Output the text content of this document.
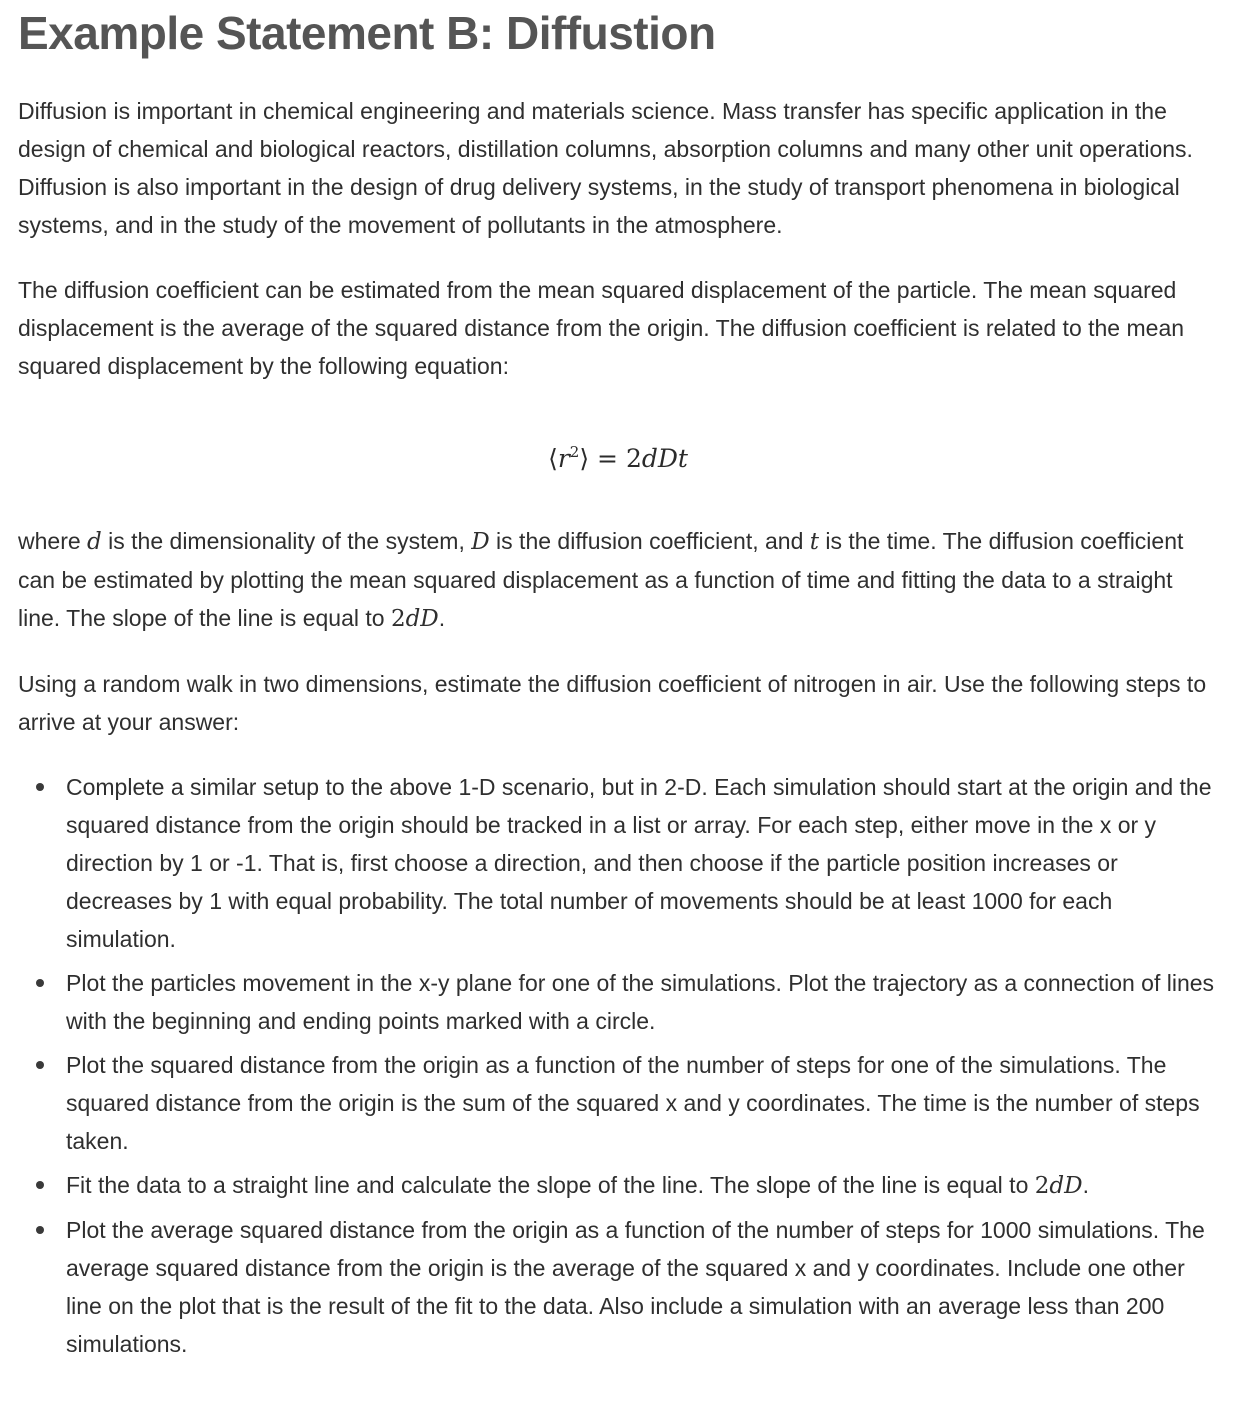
Example Statement B: Diffustion

Diffusion is important in chemical engineering and materials science. Mass transfer has specific application in the design of chemical and biological reactors, distillation columns, absorption columns and many other unit operations. Diffusion is also important in the design of drug delivery systems, in the study of transport phenomena in biological systems, and in the study of the movement of pollutants in the atmosphere.

The diffusion coefficient can be estimated from the mean squared displacement of the particle. The mean squared displacement is the average of the squared distance from the origin. The diffusion coefficient is related to the mean squared displacement by the following equation:

$⟨r^2⟩ = 2dDt$

where d is the dimensionality of the system, D is the diffusion coefficient, and t is the time. The diffusion coefficient can be estimated by plotting the mean squared displacement as a function of time and fitting the data to a straight line. The slope of the line is equal to 2dD.

Using a random walk in two dimensions, estimate the diffusion coefficient of nitrogen in air. Use the following steps to arrive at your answer:

Complete a similar setup to the above 1-D scenario, but in 2-D. Each simulation should start at the origin and the squared distance from the origin should be tracked in a list or array. For each step, either move in the x or y direction by 1 or -1. That is, first choose a direction, and then choose if the particle position increases or decreases by 1 with equal probability. The total number of movements should be at least 1000 for each simulation.
Plot the particles movement in the x-y plane for one of the simulations. Plot the trajectory as a connection of lines with the beginning and ending points marked with a circle.
Plot the squared distance from the origin as a function of the number of steps for one of the simulations. The squared distance from the origin is the sum of the squared x and y coordinates. The time is the number of steps taken.
Fit the data to a straight line and calculate the slope of the line. The slope of the line is equal to 2dD.
Plot the average squared distance from the origin as a function of the number of steps for 1000 simulations. The average squared distance from the origin is the average of the squared x and y coordinates. Include one other line on the plot that is the result of the fit to the data. Also include a simulation with an average less than 200 simulations.
